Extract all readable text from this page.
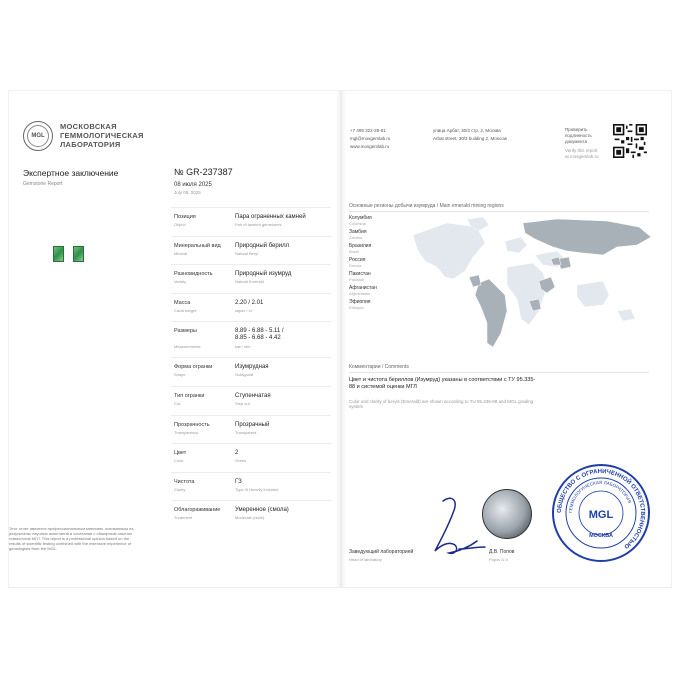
MGL
МОСКОВСКАЯ
ГЕММОЛОГИЧЕСКАЯ
ЛАБОРАТОРИЯ
Экспертное заключение
Gemstone Report
№ GR-237387
08 июля 2025
July 08, 2025
Позиция
Object
Пара ограненных камней
Pair of faceted gemstones
Минеральный вид
Mineral
Природный берилл
Natural Beryl
Разновидность
Variety
Природный изумруд
Natural Emerald
Масса
Carat weight
2.20 / 2.01
карат / ct
Размеры
Measurements
8.89 - 6.88 - 5.11 /
8.85 - 6.68 - 4.42
мм / mm
Форма огранки
Shape
Изумрудная
Octagonal
Тип огранки
Cut
Ступенчатая
Step cut
Прозрачность
Transparency
Прозрачный
Transparent
Цвет
Color
2
Green
Чистота
Clarity
ГЗ
Type III Heavily included
Облагораживание
Treatment
Умеренное (смола)
Moderate (resin)
Этот отчет является профессиональным мнением, основанным на результатах научных испытаний в сочетании с обширным опытом геммологов МГЛ. This report is a professional opinion based on the results of scientific testing combined with the extensive experience of gemologists from the MGL.
+7 499 322-28-81
mgl@mosgemlab.ru
www.mosgemlab.ru
улица Арбат, 30/3 стр. 2, Москва
Arbat street, 30/3 building 2, Moscow
Проверить
подлинность
документа
Verify this report
at mosgemlab.ru
Основные регионы добычи изумруда / Main emerald mining regions
Колумбия
Colombia
Замбия
Zambia
Бразилия
Brazil
Россия
Russia
Пакистан
Pakistan
Афганистан
Afghanistan
Эфиопия
Ethiopia
Комментарии / Comments
Цвет и чистота бериллов (Изумруд) указаны в соответствии с ТУ 95.335-88 и системой оценки МГЛ
Color and clarity of beryls (Emerald) are shown according to TU 95.335-88 and MGL grading system
Заведующий лабораторией
Head of laboratory
Д.В. Попов
Popov D.V.
ОБЩЕСТВО С ОГРАНИЧЕННОЙ ОТВЕТСТВЕННОСТЬЮ
ГЕММОЛОГИЧЕСКАЯ ЛАБОРАТОРИЯ
MGL
МОСКВА
